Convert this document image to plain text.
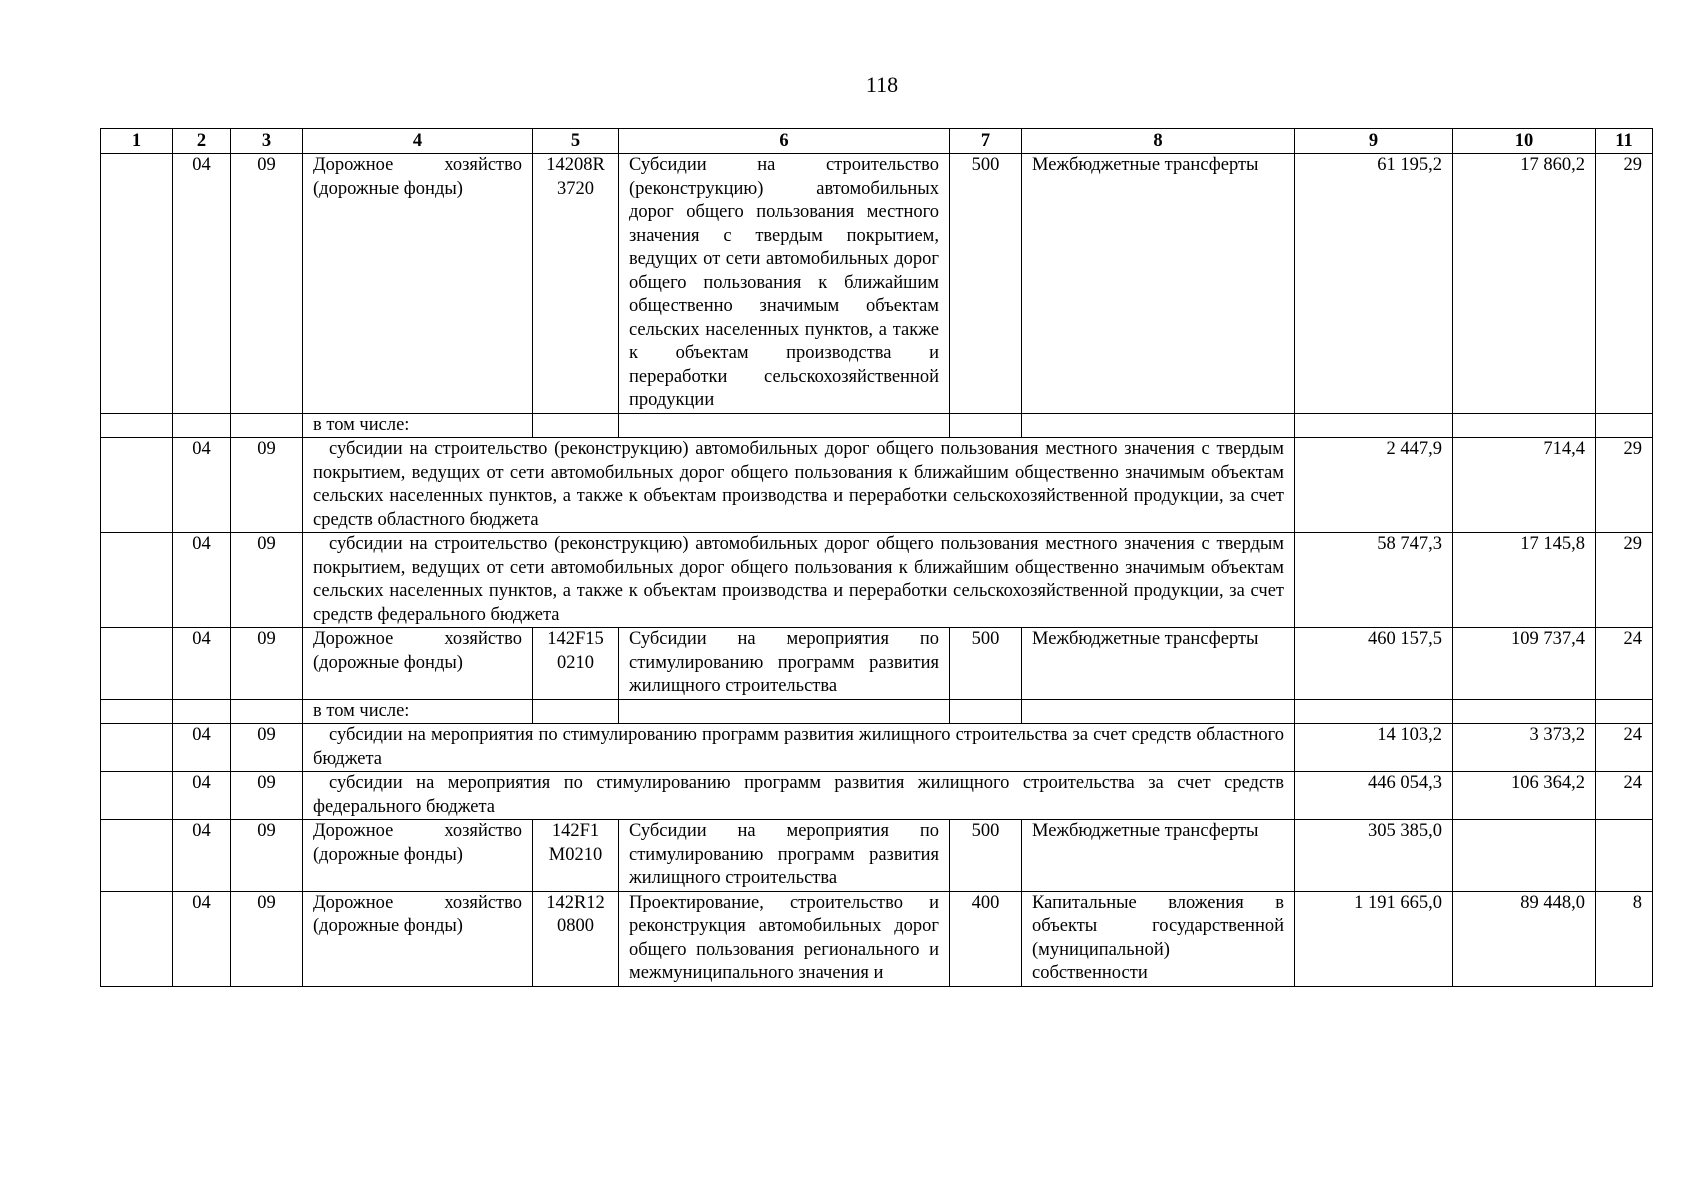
118
1	2	3	4	5	6	7	8	9	10	11
	04	09	Дорожное хозяйство (дорожные фонды)	14208R 3720	Субсидии на строительство (реконструкцию) автомобильных дорог общего пользования местного значения с твердым покрытием, ведущих от сети автомобильных дорог общего пользования к ближайшим общественно значимым объектам сельских населенных пунктов, а также к объектам производства и переработки сельскохозяйственной продукции	500	Межбюджетные трансферты	61 195,2	17 860,2	29
			в том числе:							
	04	09	субсидии на строительство (реконструкцию) автомобильных дорог общего пользования местного значения с твердым покрытием, ведущих от сети автомобильных дорог общего пользования к ближайшим общественно значимым объектам сельских населенных пунктов, а также к объектам производства и переработки сельскохозяйственной продукции, за счет средств областного бюджета					2 447,9	714,4	29
	04	09	субсидии на строительство (реконструкцию) автомобильных дорог общего пользования местного значения с твердым покрытием, ведущих от сети автомобильных дорог общего пользования к ближайшим общественно значимым объектам сельских населенных пунктов, а также к объектам производства и переработки сельскохозяйственной продукции, за счет средств федерального бюджета					58 747,3	17 145,8	29
	04	09	Дорожное хозяйство (дорожные фонды)	142F15 0210	Субсидии на мероприятия по стимулированию программ развития жилищного строительства	500	Межбюджетные трансферты	460 157,5	109 737,4	24
			в том числе:							
	04	09	субсидии на мероприятия по стимулированию программ развития жилищного строительства за счет средств областного бюджета					14 103,2	3 373,2	24
	04	09	субсидии на мероприятия по стимулированию программ развития жилищного строительства за счет средств федерального бюджета					446 054,3	106 364,2	24
	04	09	Дорожное хозяйство (дорожные фонды)	142F1 M0210	Субсидии на мероприятия по стимулированию программ развития жилищного строительства	500	Межбюджетные трансферты	305 385,0		
	04	09	Дорожное хозяйство (дорожные фонды)	142R12 0800	Проектирование, строительство и реконструкция автомобильных дорог общего пользования регионального и межмуниципального значения и	400	Капитальные вложения в объекты государственной (муниципальной) собственности	1 191 665,0	89 448,0	8
